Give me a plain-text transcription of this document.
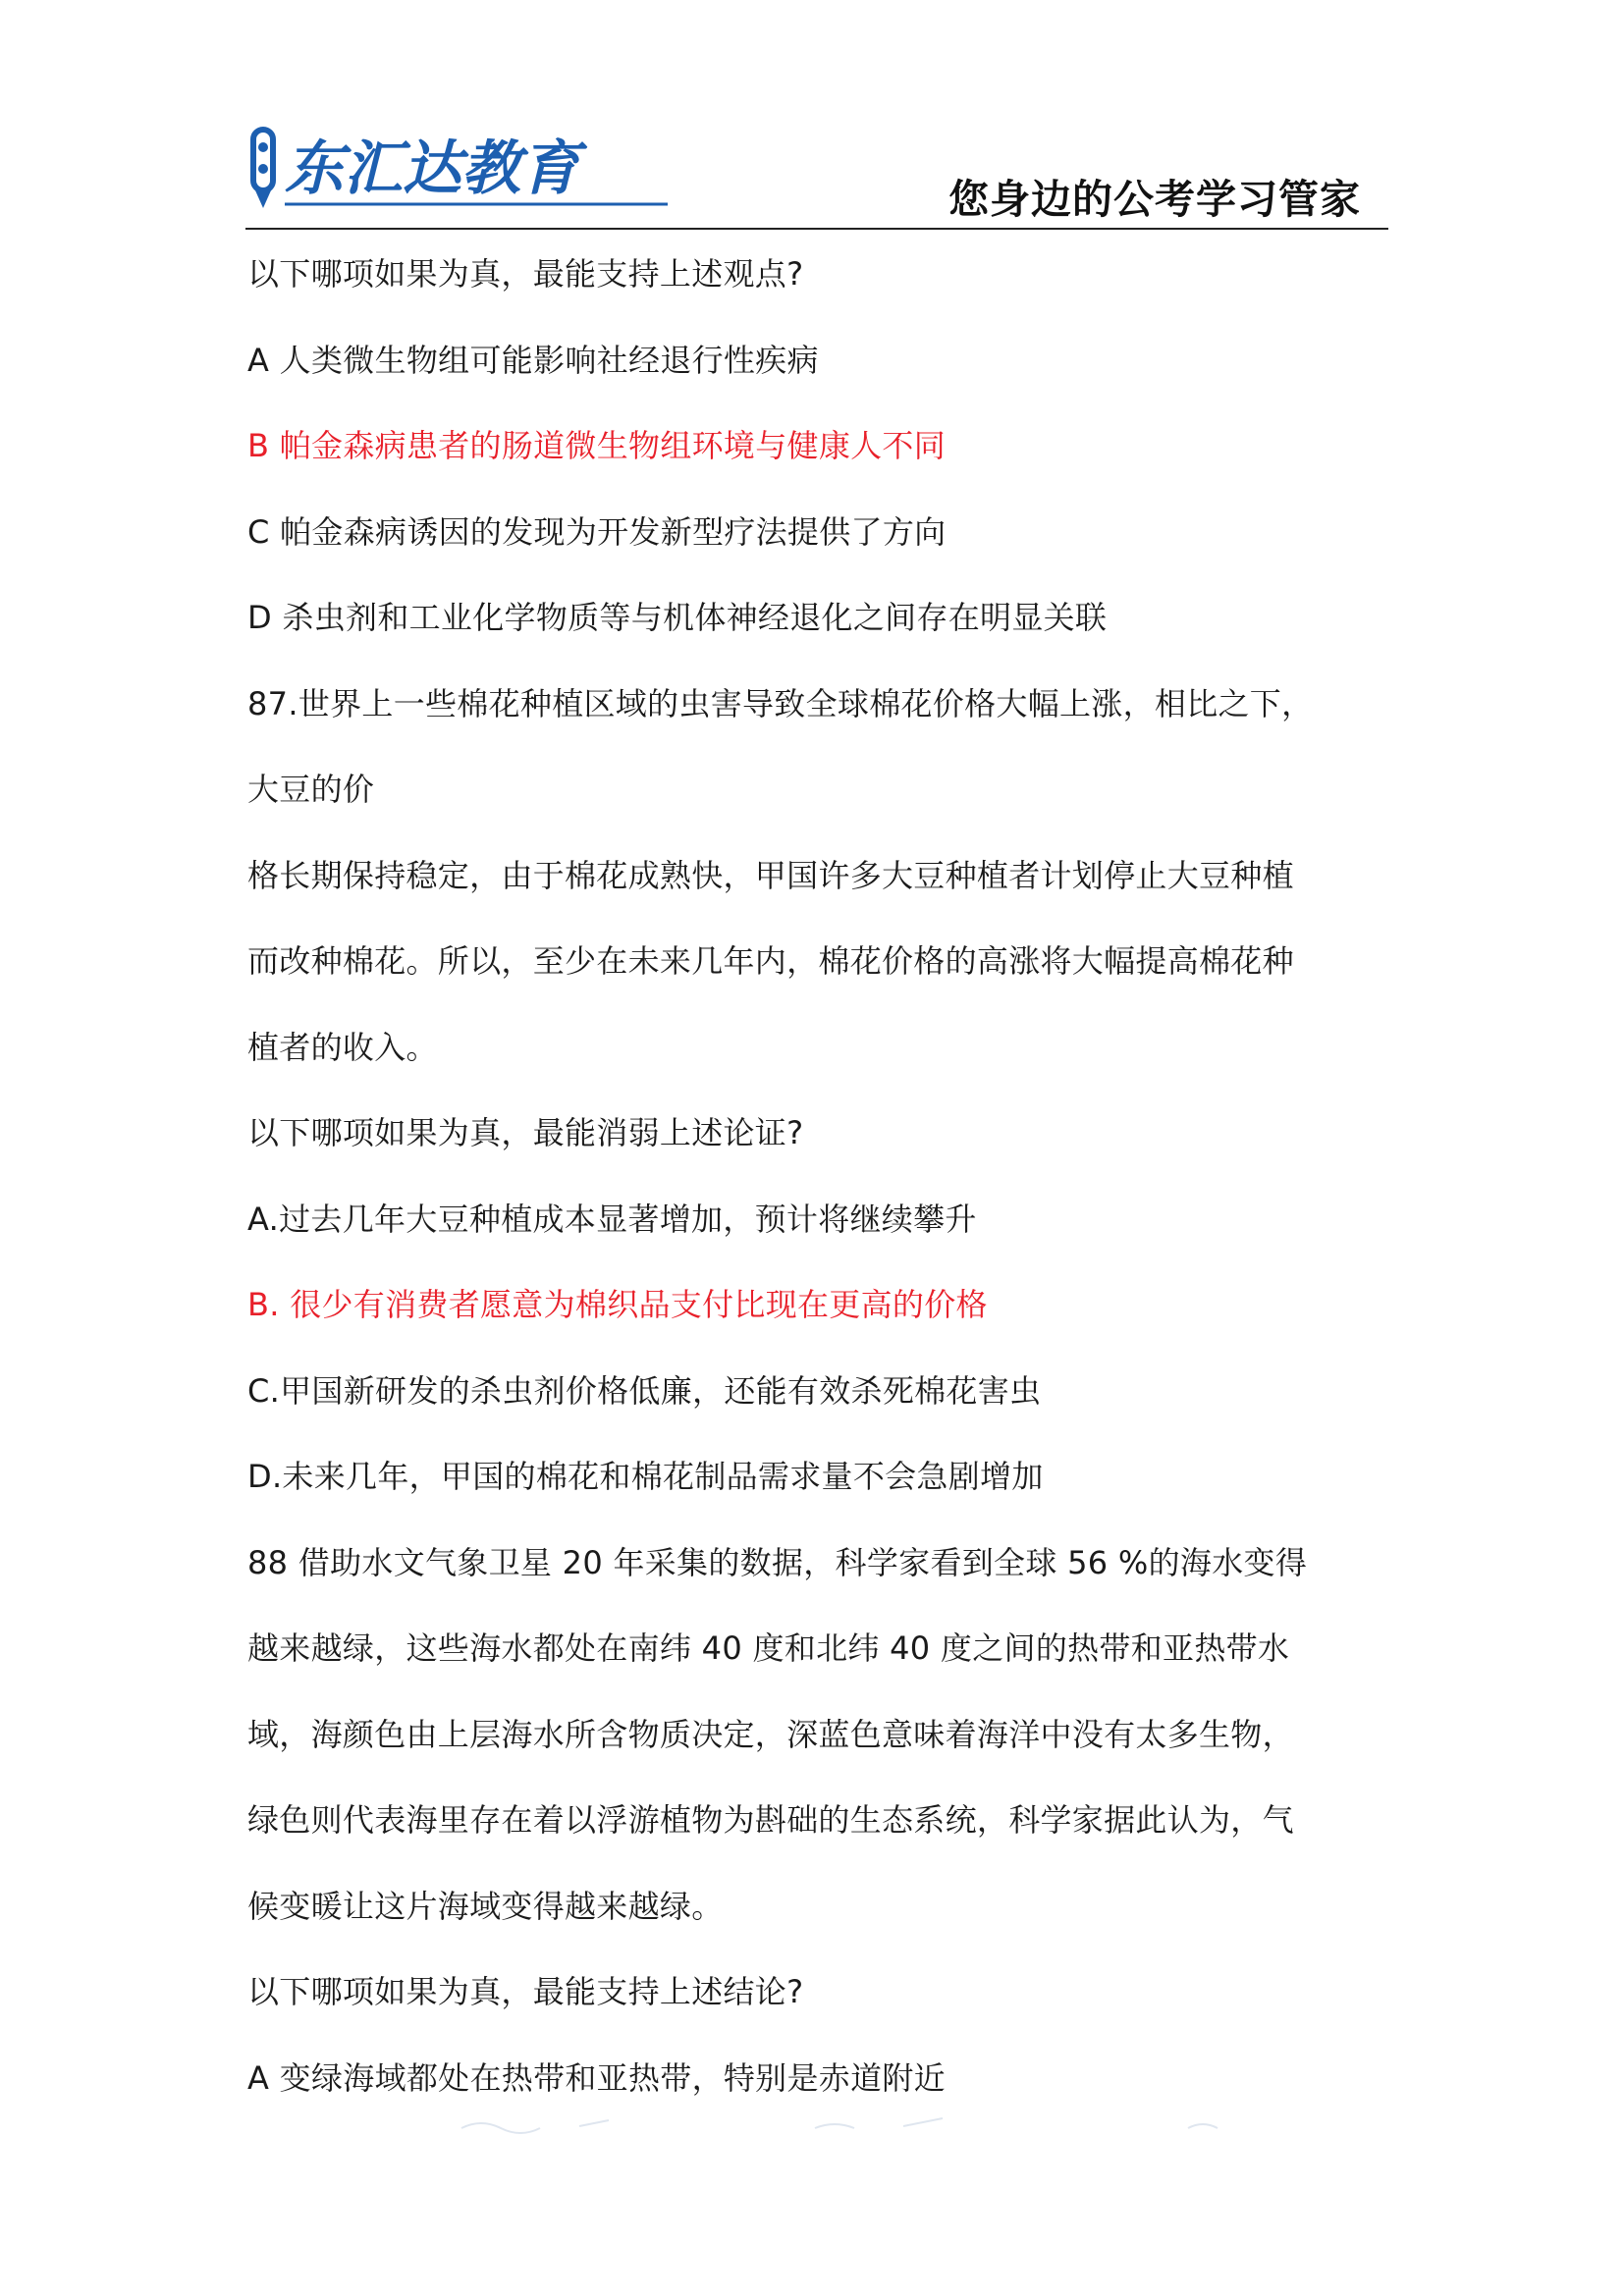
东汇达教育	您身边的公考学习管家
以下哪项如果为真，最能支持上述观点?
A 人类微生物组可能影响社经退行性疾病
B 帕金森病患者的肠道微生物组环境与健康人不同
C 帕金森病诱因的发现为开发新型疗法提供了方向
D 杀虫剂和工业化学物质等与机体神经退化之间存在明显关联
87.世界上一些棉花种植区域的虫害导致全球棉花价格大幅上涨，相比之下，
大豆的价
格长期保持稳定，由于棉花成熟快，甲国许多大豆种植者计划停止大豆种植
而改种棉花。所以，至少在未来几年内，棉花价格的高涨将大幅提高棉花种
植者的收入。
以下哪项如果为真，最能消弱上述论证?
A.过去几年大豆种植成本显著增加，预计将继续攀升
B. 很少有消费者愿意为棉织品支付比现在更高的价格
C.甲国新研发的杀虫剂价格低廉，还能有效杀死棉花害虫
D.未来几年，甲国的棉花和棉花制品需求量不会急剧增加
88 借助水文气象卫星 20 年采集的数据，科学家看到全球 56 %的海水变得
越来越绿，这些海水都处在南纬 40 度和北纬 40 度之间的热带和亚热带水
域，海颜色由上层海水所含物质决定，深蓝色意味着海洋中没有太多生物，
绿色则代表海里存在着以浮游植物为斟础的生态系统，科学家据此认为，气
候变暖让这片海域变得越来越绿。
以下哪项如果为真，最能支持上述结论?
A 变绿海域都处在热带和亚热带，特别是赤道附近
